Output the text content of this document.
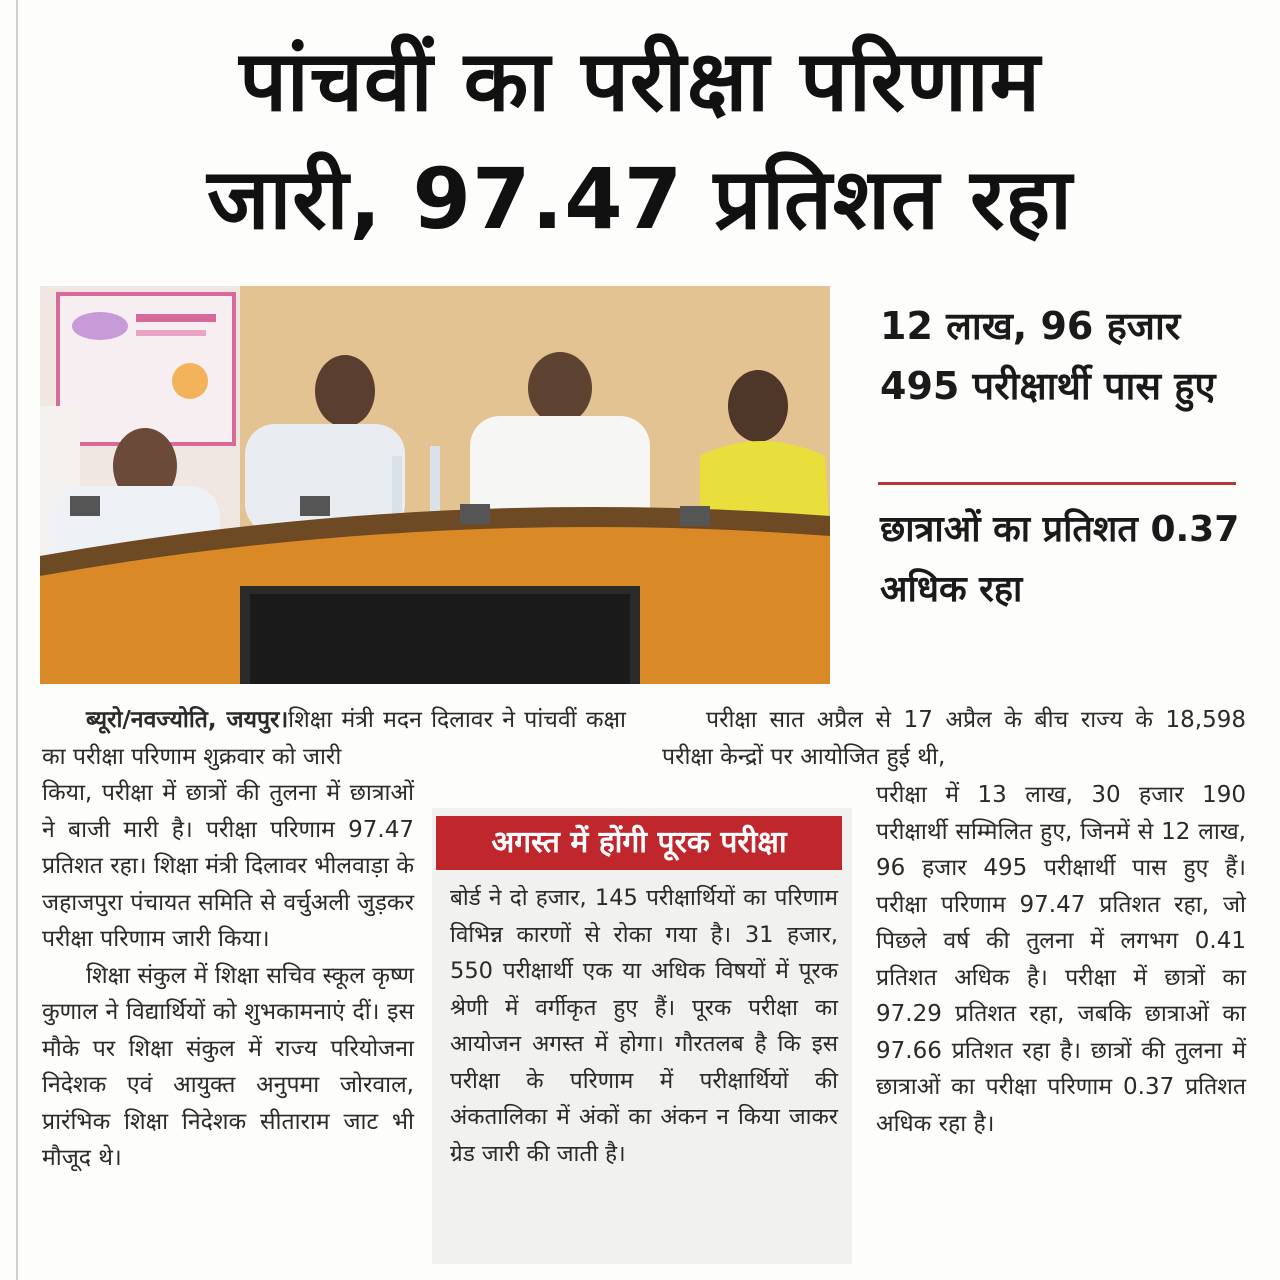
पांचवीं का परीक्षा परिणाम
जारी, 97.47 प्रतिशत रहा
12 लाख, 96 हजार 495 परीक्षार्थी पास हुए
छात्राओं का प्रतिशत 0.37 अधिक रहा

ब्यूरो/नवज्योति, जयपुर।शिक्षा मंत्री मदन दिलावर ने पांचवीं कक्षा का परीक्षा परिणाम शुक्रवार को जारी

किया, परीक्षा में छात्रों की तुलना में छात्राओं ने बाजी मारी है। परीक्षा परिणाम 97.47 प्रतिशत रहा। शिक्षा मंत्री दिलावर भीलवाड़ा के जहाजपुरा पंचायत समिति से वर्चुअली जुड़कर परीक्षा परिणाम जारी किया।

शिक्षा संकुल में शिक्षा सचिव स्कूल कृष्ण कुणाल ने विद्यार्थियों को शुभकामनाएं दीं। इस मौके पर शिक्षा संकुल में राज्य परियोजना निदेशक एवं आयुक्त अनुपमा जोरवाल, प्रारंभिक शिक्षा निदेशक सीताराम जाट भी मौजूद थे।

परीक्षा सात अप्रैल से 17 अप्रैल के बीच राज्य के 18,598 परीक्षा केन्द्रों पर आयोजित हुई थी,

परीक्षा में 13 लाख, 30 हजार 190 परीक्षार्थी सम्मिलित हुए, जिनमें से 12 लाख, 96 हजार 495 परीक्षार्थी पास हुए हैं। परीक्षा परिणाम 97.47 प्रतिशत रहा, जो पिछले वर्ष की तुलना में लगभग 0.41 प्रतिशत अधिक है। परीक्षा में छात्रों का 97.29 प्रतिशत रहा, जबकि छात्राओं का 97.66 प्रतिशत रहा है। छात्रों की तुलना में छात्राओं का परीक्षा परिणाम 0.37 प्रतिशत अधिक रहा है।

अगस्त में होंगी पूरक परीक्षा

बोर्ड ने दो हजार, 145 परीक्षार्थियों का परिणाम विभिन्न कारणों से रोका गया है। 31 हजार, 550 परीक्षार्थी एक या अधिक विषयों में पूरक श्रेणी में वर्गीकृत हुए हैं। पूरक परीक्षा का आयोजन अगस्त में होगा। गौरतलब है कि इस परीक्षा के परिणाम में परीक्षार्थियों की अंकतालिका में अंकों का अंकन न किया जाकर ग्रेड जारी की जाती है।
